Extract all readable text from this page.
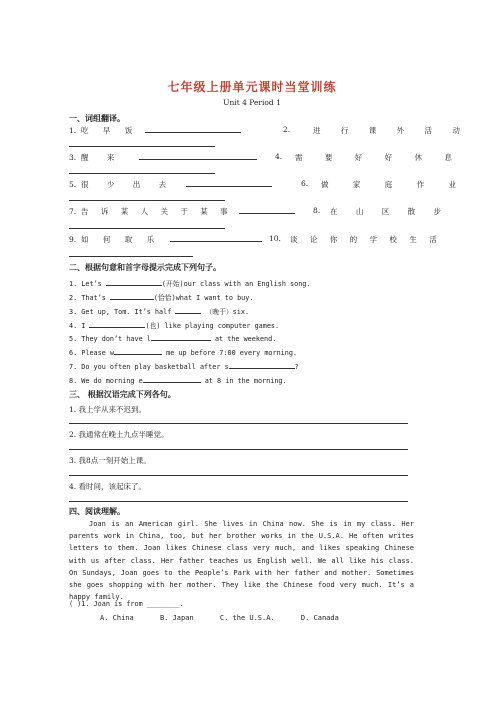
七年级上册单元课时当堂训练
Unit 4 Period 1
一、词组翻译。
1. 吃 早 饭	2.	进 行 课 外 活 动
3. 醒 来	4. 需 要 好 好 休 息
5. 很 少 出 去	6. 做 家 庭 作 业
7. 告 诉 某 人 关 于 某 事	8. 在 山 区 散 步
9. 如 何 取 乐	10. 谈 论 你 的 学 校 生 活
二、根据句意和首字母提示完成下列句子。
1. Let’s	(开始)our class with an English song.
2. That’s	(恰恰)what I want to buy.
3. Get up, Tom. It’s half	（晚于）six.
4. I	(也) like playing computer games.
5. They don’t have l	at the weekend.
6. Please w	me up before 7:00 every morning.
7. Do you often play basketball after s	?
8. We do morning e	at 8 in the morning.
三、 根据汉语完成下列各句。
1. 我上学从来不迟到。
2. 我通常在晚上九点半睡觉。
3. 我8点一刻开始上课。
4. 看时间，该起床了。
四、阅读理解。
Joan is an American girl. She lives in China now. She is in my class. Her parents work in China, too, but her brother works in the U.S.A. He often writes letters to them. Joan likes Chinese class very much, and likes speaking Chinese with us after class. Her father teaches us English well. We all like his class. On Sundays, Joan goes to the People’s Park with her father and mother. Sometimes she goes shopping with her mother. They like the Chinese food very much. It’s a happy family.
( )1. Joan is from ________.
A. China	B. Japan	C. the U.S.A.	D. Canada
